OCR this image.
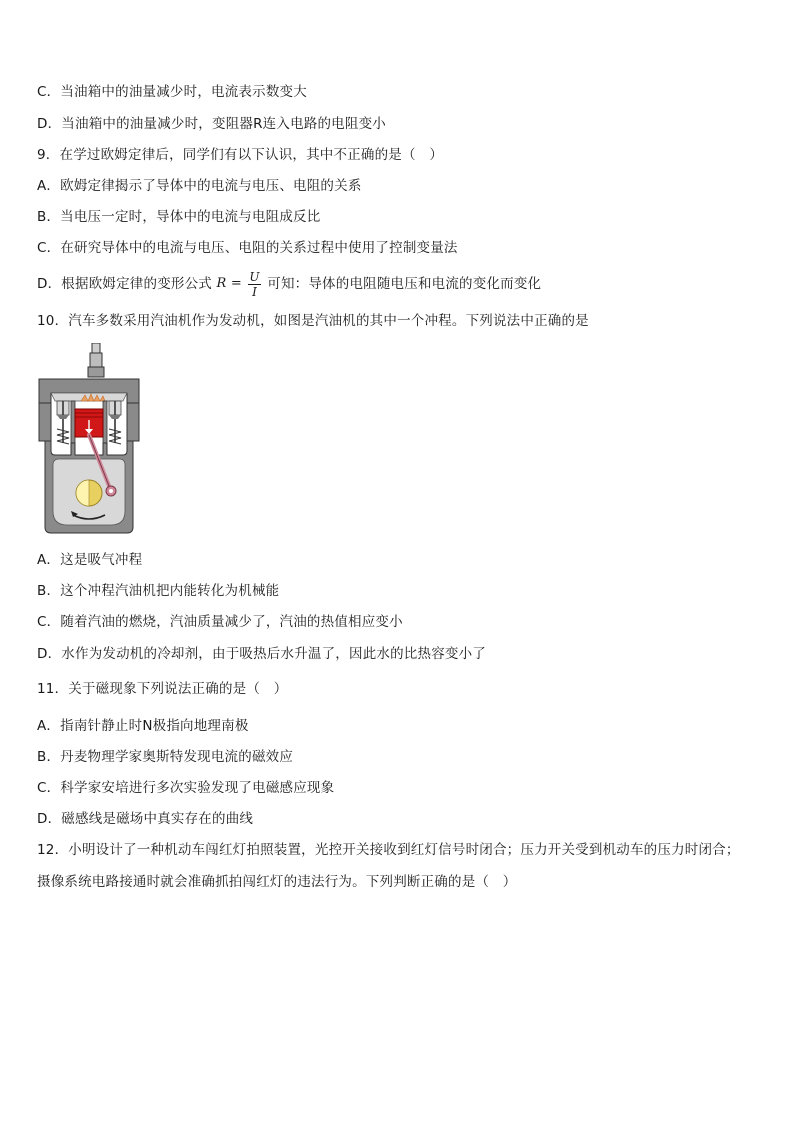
C．当油箱中的油量减少时，电流表示数变大
D．当油箱中的油量减少时，变阻器R连入电路的电阻变小
9．在学过欧姆定律后，同学们有以下认识，其中不正确的是（　）
A．欧姆定律揭示了导体中的电流与电压、电阻的关系
B．当电压一定时，导体中的电流与电阻成反比
C．在研究导体中的电流与电压、电阻的关系过程中使用了控制变量法
D．根据欧姆定律的变形公式 $R = \frac{U}{I}$ 可知：导体的电阻随电压和电流的变化而变化
10．汽车多数采用汽油机作为发动机，如图是汽油机的其中一个冲程。下列说法中正确的是
A．这是吸气冲程
B．这个冲程汽油机把内能转化为机械能
C．随着汽油的燃烧，汽油质量减少了，汽油的热值相应变小
D．水作为发动机的冷却剂，由于吸热后水升温了，因此水的比热容变小了
11．关于磁现象下列说法正确的是（　）
A．指南针静止时N极指向地理南极
B．丹麦物理学家奥斯特发现电流的磁效应
C．科学家安培进行多次实验发现了电磁感应现象
D．磁感线是磁场中真实存在的曲线
12．小明设计了一种机动车闯红灯拍照装置，光控开关接收到红灯信号时闭合；压力开关受到机动车的压力时闭合；
摄像系统电路接通时就会准确抓拍闯红灯的违法行为。下列判断正确的是（　）
